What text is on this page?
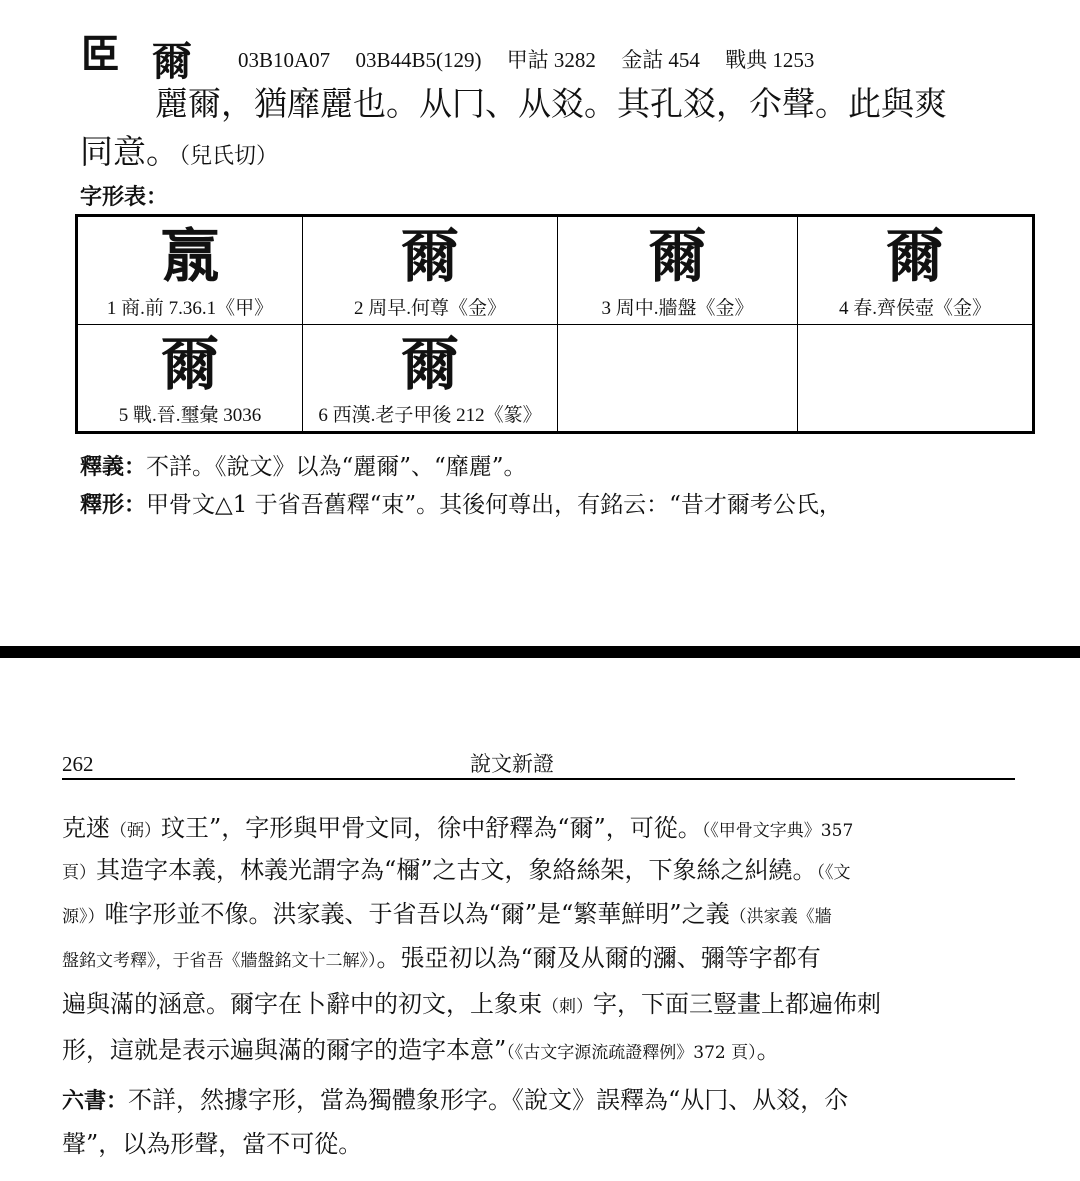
𦣞 爾 03B10A07 03B44B5(129) 甲詁 3282 金詁 454 戰典 1253
麗爾，猶靡麗也。从冂、从㸚。其孔㸚，尒聲。此與爽
同意。（兒氏切）
字形表：
𣎆
1 商.前 7.36.1《甲》
爾
2 周早.何尊《金》
爾
3 周中.牆盤《金》
爾
4 春.齊侯壺《金》
爾
5 戰.晉.璽彙 3036
爾
6 西漢.老子甲後 212《篆》
釋義：不詳。《說文》以為“麗爾”、“靡麗”。
釋形：甲骨文△1 于省吾舊釋“束”。其後何尊出，有銘云：“昔才爾考公氏，
262	說文新證
克逨（弼）玟王”，字形與甲骨文同，徐中舒釋為“爾”，可從。（《甲骨文字典》357
頁）其造字本義，林義光謂字為“檷”之古文，象絡絲架，下象絲之糾繞。（《文
源》）唯字形並不像。洪家義、于省吾以為“爾”是“繁華鮮明”之義（洪家義《牆
盤銘文考釋》，于省吾《牆盤銘文十二解》）。張亞初以為“爾及从爾的瀰、彌等字都有
遍與滿的涵意。爾字在卜辭中的初文，上象束（刺）字，下面三豎畫上都遍佈刺
形，這就是表示遍與滿的爾字的造字本意”（《古文字源流疏證釋例》372 頁）。
六書：不詳，然據字形，當為獨體象形字。《說文》誤釋為“从冂、从㸚，尒
聲”，以為形聲，當不可從。
